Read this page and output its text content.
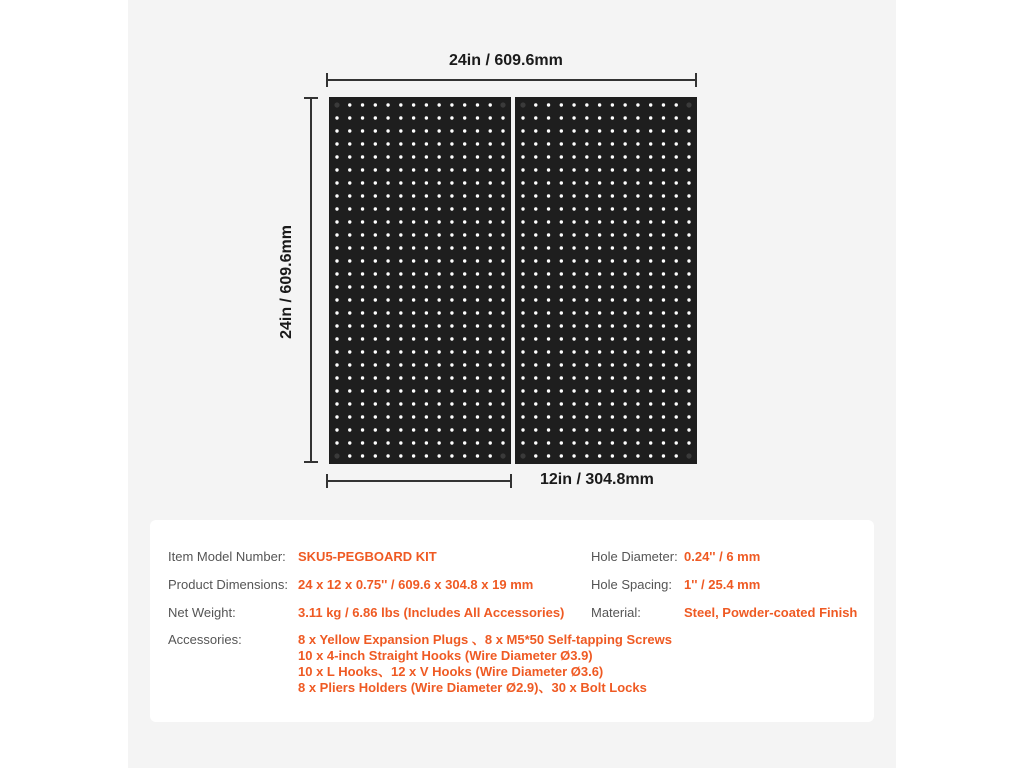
24in / 609.6mm
24in / 609.6mm
12in / 304.8mm
Item Model Number: SKU5-PEGBOARD KIT
Product Dimensions: 24 x 12 x 0.75'' / 609.6 x 304.8 x 19 mm
Net Weight:	3.11 kg / 6.86 lbs (Includes All Accessories)
Accessories:	8 x Yellow Expansion Plugs 、8 x M5*50 Self-tapping Screws
10 x 4-inch Straight Hooks (Wire Diameter Ø3.9)
10 x L Hooks、12 x V Hooks (Wire Diameter Ø3.6)
8 x Pliers Holders (Wire Diameter Ø2.9)、30 x Bolt Locks
Hole Diameter: 0.24'' / 6 mm
Hole Spacing: 1'' / 25.4 mm
Material:	Steel, Powder-coated Finish
